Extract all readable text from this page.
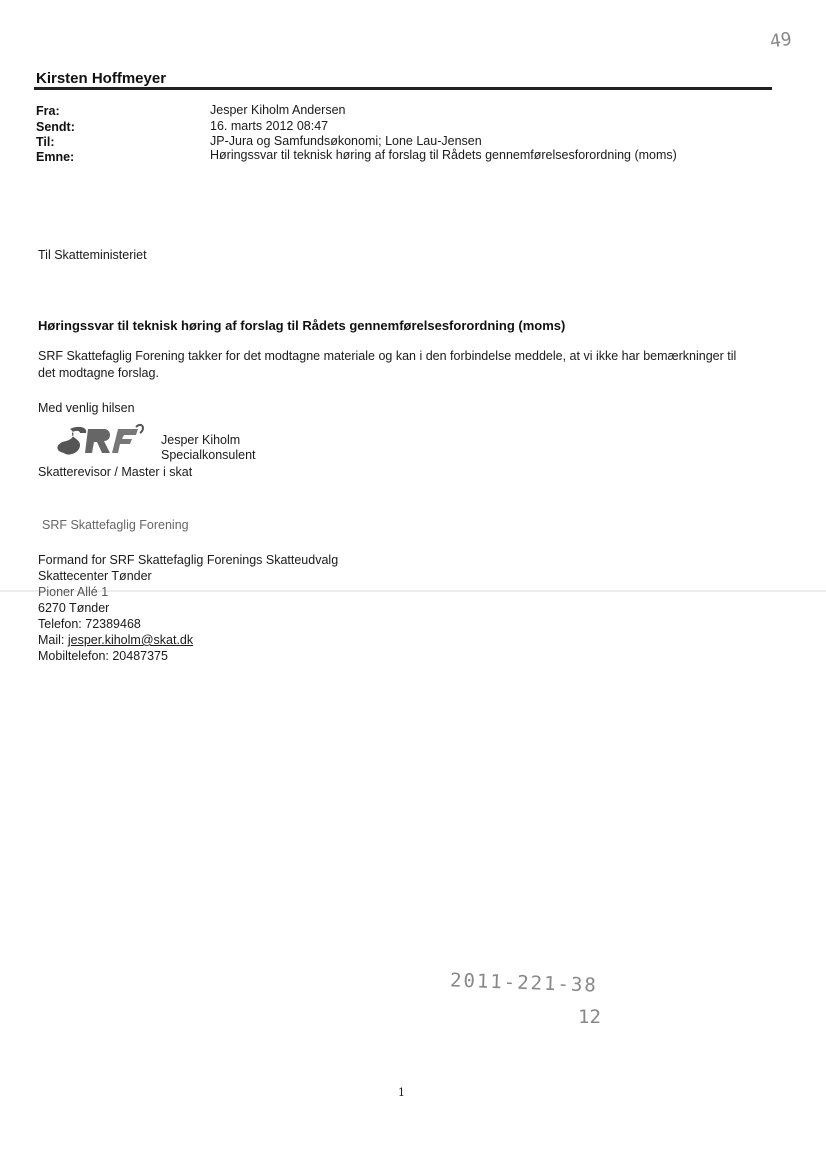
Kirsten Hoffmeyer
Fra:	Jesper Kiholm Andersen
Sendt:	16. marts 2012 08:47
Til:	JP-Jura og Samfundsøkonomi; Lone Lau-Jensen
Emne:	Høringssvar til teknisk høring af forslag til Rådets gennemførelsesforordning (moms)
Til Skatteministeriet
Høringssvar til teknisk høring af forslag til Rådets gennemførelsesforordning (moms)
SRF Skattefaglig Forening takker for det modtagne materiale og kan i den forbindelse meddele, at vi ikke har bemærkninger til det modtagne forslag.
Med venlig hilsen
Jesper Kiholm
Specialkonsulent
Skatterevisor / Master i skat
SRF Skattefaglig Forening
Formand for SRF Skattefaglig Forenings Skatteudvalg
Skattecenter Tønder
Pioner Allé 1
6270 Tønder
Telefon: 72389468
Mail: jesper.kiholm@skat.dk
Mobiltelefon: 20487375
49
2011-221-38
12
1
